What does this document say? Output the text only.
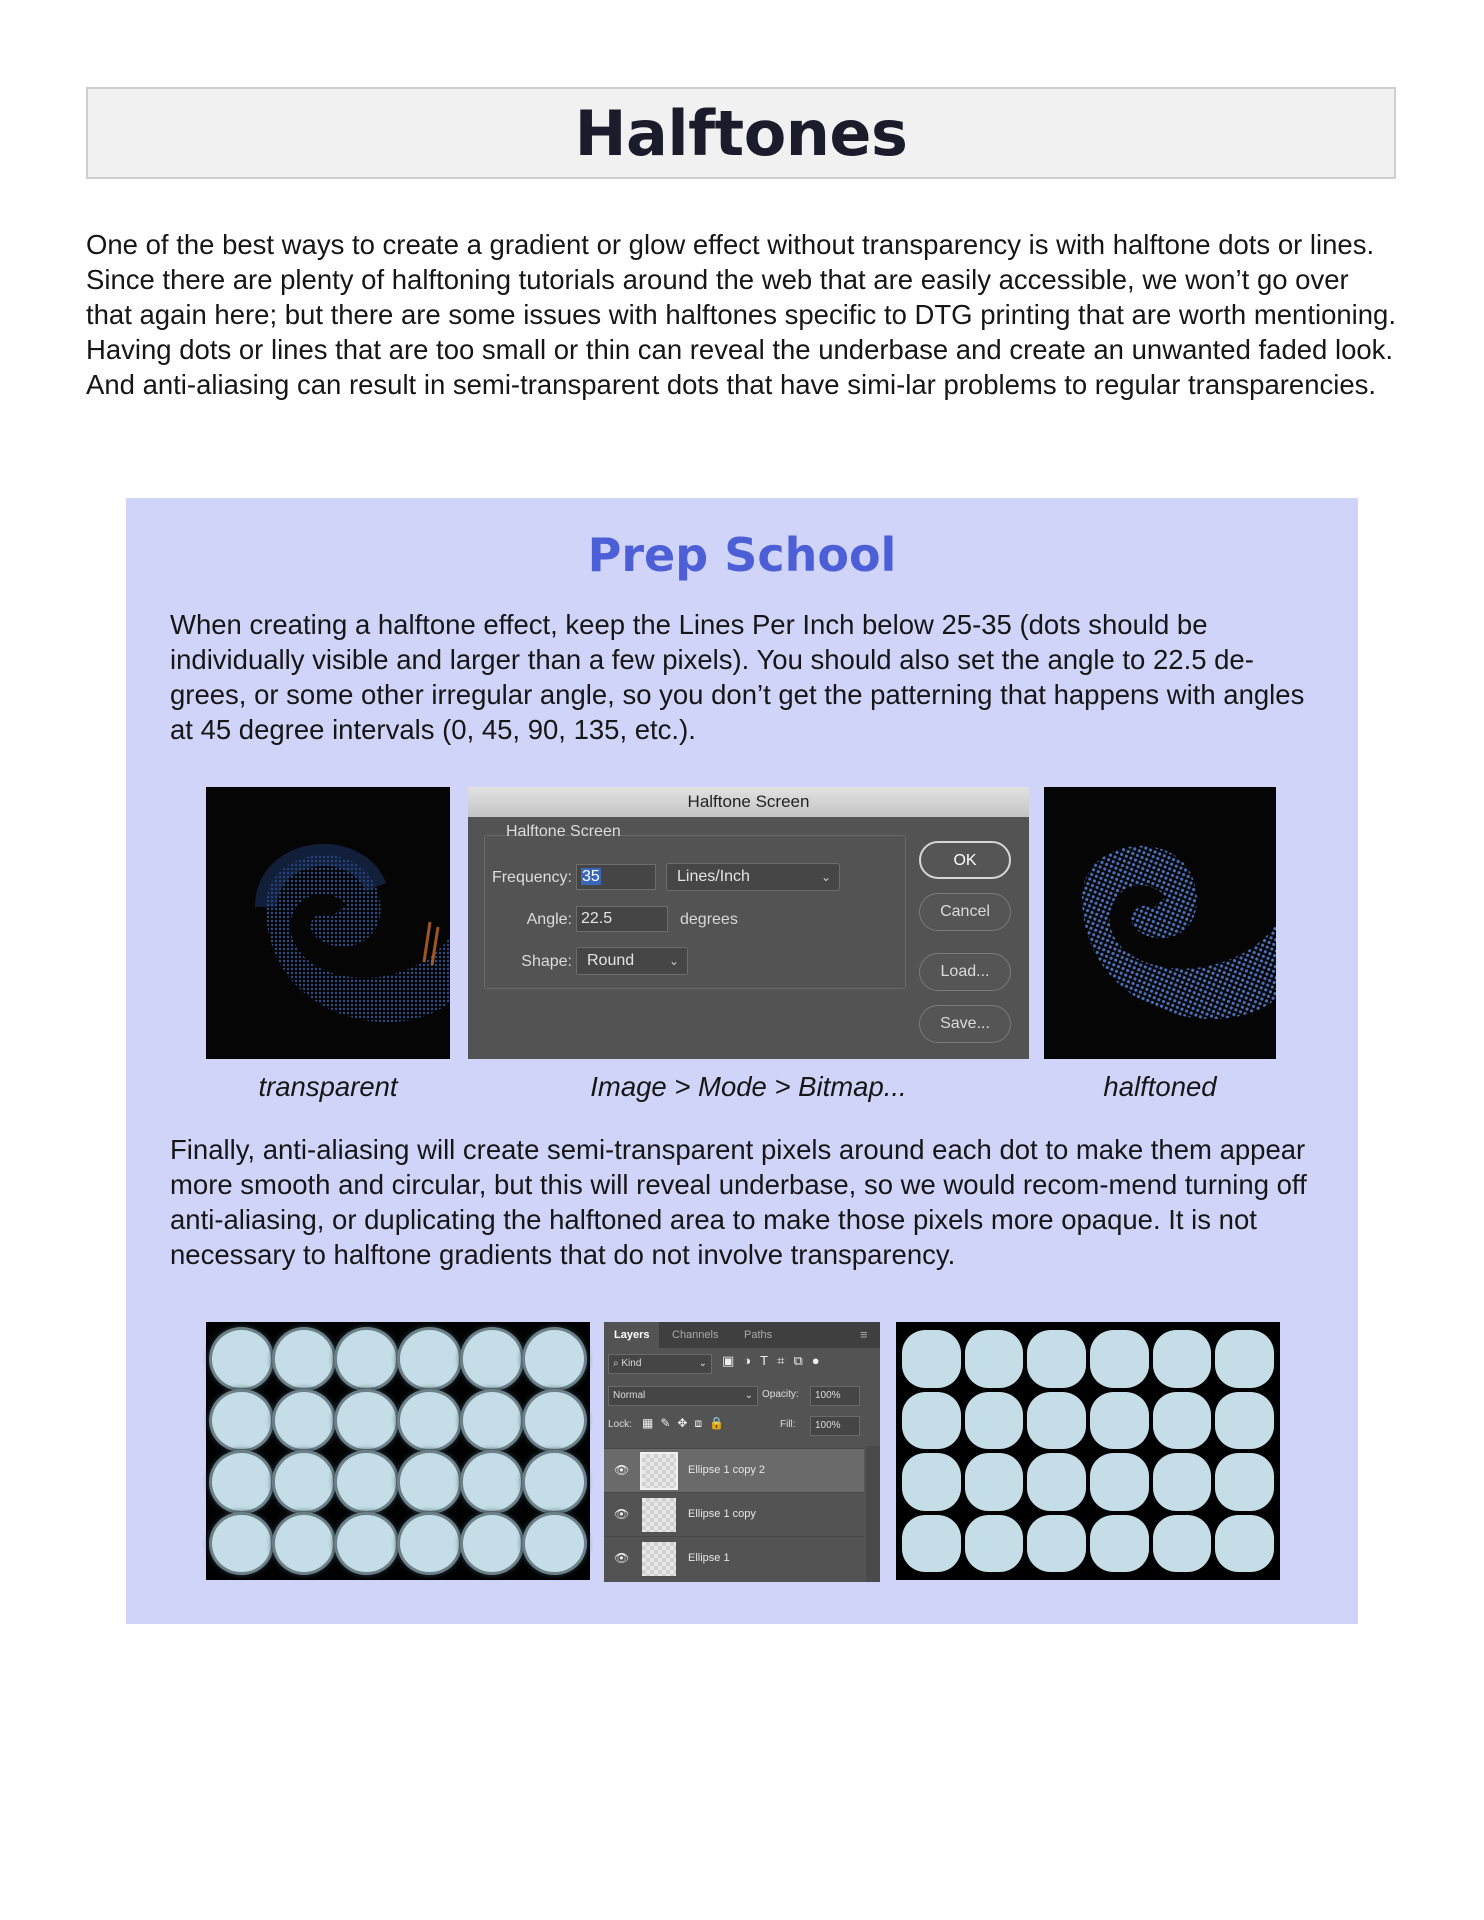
Halftones

One of the best ways to create a gradient or glow effect without transparency is with halftone dots or lines. Since there are plenty of halftoning tutorials around the web that are easily accessible, we won’t go over that again here; but there are some issues with halftones specific to DTG printing that are worth mentioning. Having dots or lines that are too small or thin can reveal the underbase and create an unwanted faded look. And anti-aliasing can result in semi-transparent dots that have simi-lar problems to regular transparencies.

Prep School

When creating a halftone effect, keep the Lines Per Inch below 25-35 (dots should be individually visible and larger than a few pixels). You should also set the angle to 22.5 de-grees, or some other irregular angle, so you don’t get the patterning that happens with angles at 45 degree intervals (0, 45, 90, 135, etc.).

Halftone Screen
Halftone Screen
Frequency: 35	Lines/Inch	⌄
Angle: 22.5	degrees
Shape: Round	⌄
OK
Cancel
Load...
Save...
transparent	Image > Mode > Bitmap...	halftoned

Finally, anti-aliasing will create semi-transparent pixels around each dot to make them appear more smooth and circular, but this will reveal underbase, so we would recom-mend turning off anti-aliasing, or duplicating the halftoned area to make those pixels more opaque. It is not necessary to halftone gradients that do not involve transparency.

Layers	Channels Paths	≡
⌕ Kind	⌄ ▣◑T⌗⧉●
Normal	⌄ Opacity:	100%
Lock: ▦✎✥⧈🔒	Fill:	100%
👁	Ellipse 1 copy 2
👁	Ellipse 1 copy
👁	Ellipse 1
